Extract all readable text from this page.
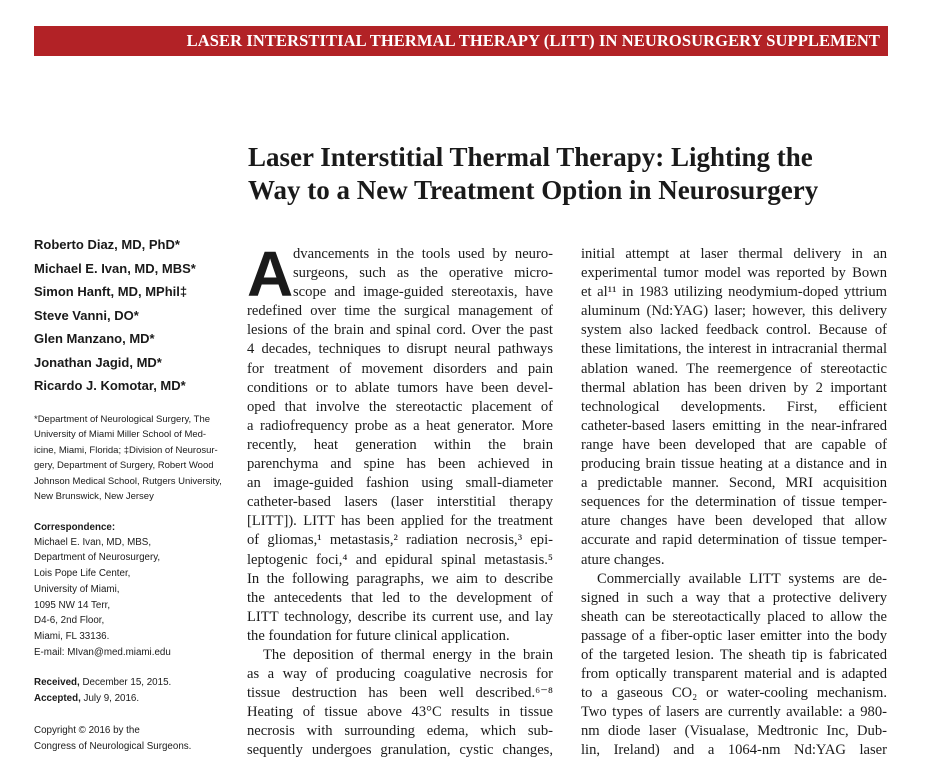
LASER INTERSTITIAL THERMAL THERAPY (LITT) IN NEUROSURGERY SUPPLEMENT
Laser Interstitial Thermal Therapy: Lighting the
Way to a New Treatment Option in Neurosurgery
Roberto Diaz, MD, PhD*
Michael E. Ivan, MD, MBS*
Simon Hanft, MD, MPhil‡
Steve Vanni, DO*
Glen Manzano, MD*
Jonathan Jagid, MD*
Ricardo J. Komotar, MD*
*Department of Neurological Surgery, The
University of Miami Miller School of Med-
icine, Miami, Florida; ‡Division of Neurosur-
gery, Department of Surgery, Robert Wood
Johnson Medical School, Rutgers University,
New Brunswick, New Jersey
Correspondence:
Michael E. Ivan, MD, MBS,
Department of Neurosurgery,
Lois Pope Life Center,
University of Miami,
1095 NW 14 Terr,
D4-6, 2nd Floor,
Miami, FL 33136.
E-mail: MIvan@med.miami.edu
Received, December 15, 2015.
Accepted, July 9, 2016.
Copyright © 2016 by the
Congress of Neurological Surgeons.
A dvancements in the tools used by neuro-
surgeons, such as the operative micro-
scope and image-guided stereotaxis, have
redefined over time the surgical management of
lesions of the brain and spinal cord. Over the past
4 decades, techniques to disrupt neural pathways
for treatment of movement disorders and pain
conditions or to ablate tumors have been devel-
oped that involve the stereotactic placement of
a radiofrequency probe as a heat generator. More
recently, heat generation within the brain
parenchyma and spine has been achieved in
an image-guided fashion using small-diameter
catheter-based lasers (laser interstitial therapy
[LITT]). LITT has been applied for the treatment
of gliomas,¹ metastasis,² radiation necrosis,³ epi-
leptogenic foci,⁴ and epidural spinal metastasis.⁵
In the following paragraphs, we aim to describe
the antecedents that led to the development of
LITT technology, describe its current use, and lay
the foundation for future clinical application.
The deposition of thermal energy in the brain
as a way of producing coagulative necrosis for
tissue destruction has been well described.⁶⁻⁸
Heating of tissue above 43°C results in tissue
necrosis with surrounding edema, which sub-
sequently undergoes granulation, cystic changes,
initial attempt at laser thermal delivery in an
experimental tumor model was reported by Bown
et al¹¹ in 1983 utilizing neodymium-doped yttrium
aluminum (Nd:YAG) laser; however, this delivery
system also lacked feedback control. Because of
these limitations, the interest in intracranial thermal
ablation waned. The reemergence of stereotactic
thermal ablation has been driven by 2 important
technological developments. First, efficient
catheter-based lasers emitting in the near-infrared
range have been developed that are capable of
producing brain tissue heating at a distance and in
a predictable manner. Second, MRI acquisition
sequences for the determination of tissue temper-
ature changes have been developed that allow
accurate and rapid determination of tissue temper-
ature changes.
Commercially available LITT systems are de-
signed in such a way that a protective delivery
sheath can be stereotactically placed to allow the
passage of a fiber-optic laser emitter into the body
of the targeted lesion. The sheath tip is fabricated
from optically transparent material and is adapted
to a gaseous CO₂ or water-cooling mechanism.
Two types of lasers are currently available: a 980-
nm diode laser (Visualase, Medtronic Inc, Dub-
lin, Ireland) and a 1064-nm Nd:YAG laser
